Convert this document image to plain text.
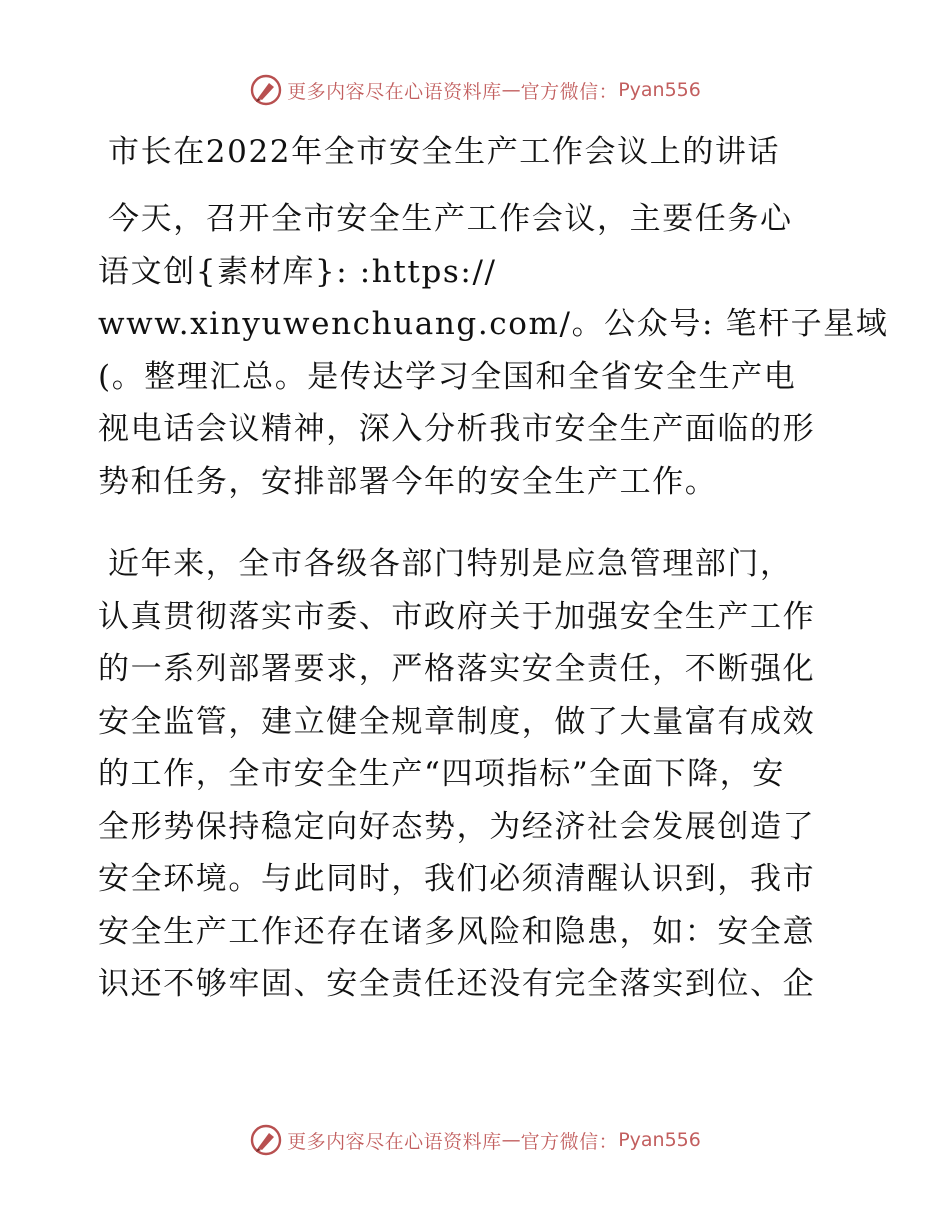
更多内容尽在心语资料库 — 官方微信： Pyan556
市长在2022年全市安全生产工作会议上的讲话
今天，召开全市安全生产工作会议，主要任务心
语文创{素材库}: :https://
www.xinyuwenchuang.com/。公众号: 笔杆子星域
(。整理汇总。是传达学习全国和全省安全生产电
视电话会议精神，深入分析我市安全生产面临的形
势和任务，安排部署今年的安全生产工作。
近年来，全市各级各部门特别是应急管理部门，
认真贯彻落实市委、市政府关于加强安全生产工作
的一系列部署要求，严格落实安全责任，不断强化
安全监管，建立健全规章制度，做了大量富有成效
的工作，全市安全生产“四项指标”全面下降，安
全形势保持稳定向好态势，为经济社会发展创造了
安全环境。与此同时，我们必须清醒认识到，我市
安全生产工作还存在诸多风险和隐患，如：安全意
识还不够牢固、安全责任还没有完全落实到位、企
更多内容尽在心语资料库 — 官方微信： Pyan556
